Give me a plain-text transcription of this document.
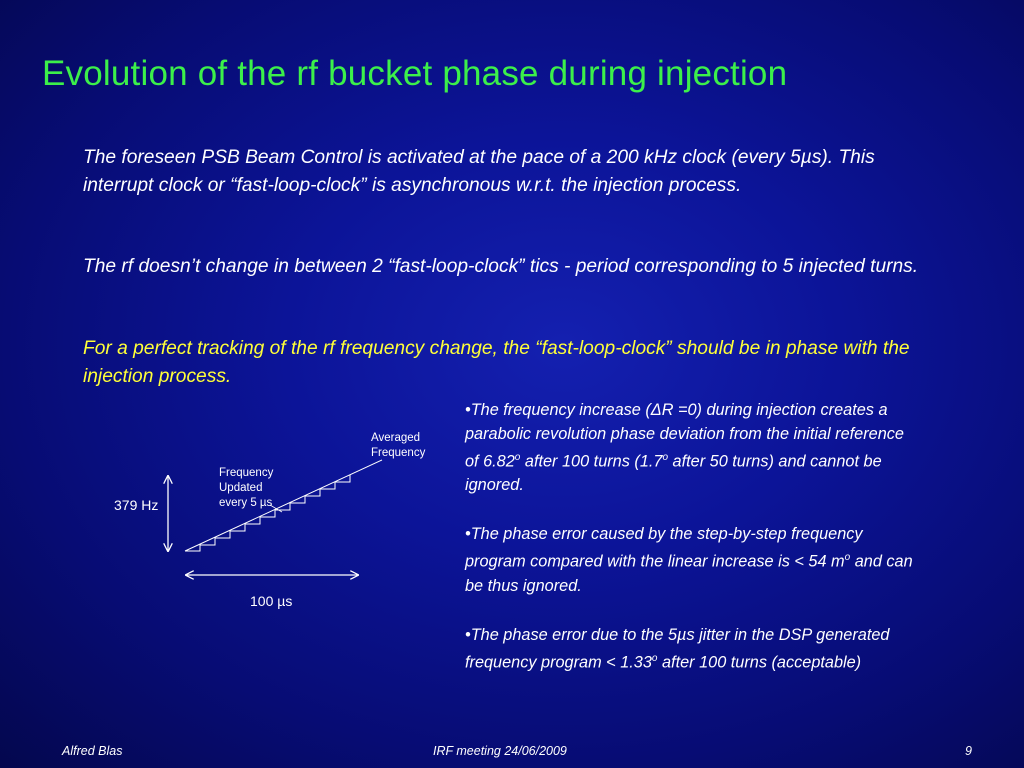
Evolution of the rf bucket phase during injection
The foreseen PSB Beam Control is activated at the pace of a 200 kHz clock (every 5µs). This interrupt clock or “fast-loop-clock” is asynchronous w.r.t. the injection process.
The rf doesn’t change in between 2 “fast-loop-clock” tics - period corresponding to 5 injected turns.
For a perfect tracking of the rf frequency change, the “fast-loop-clock” should be in phase with the injection process.
Averaged
Frequency
Frequency
Updated
every 5 µs
379 Hz
100 µs
•The frequency increase (ΔR =0) during injection creates a parabolic revolution phase deviation from the initial reference of 6.82$^o$ after 100 turns (1.7$^o$ after 50 turns) and cannot be ignored.
•The phase error caused by the step-by-step frequency program compared with the linear increase is < 54 $m^o$ and can be thus ignored.
•The phase error due to the 5µs jitter in the DSP generated frequency program < $1.33^o$ after 100 turns (acceptable)
Alfred Blas	IRF meeting 24/06/2009	9
